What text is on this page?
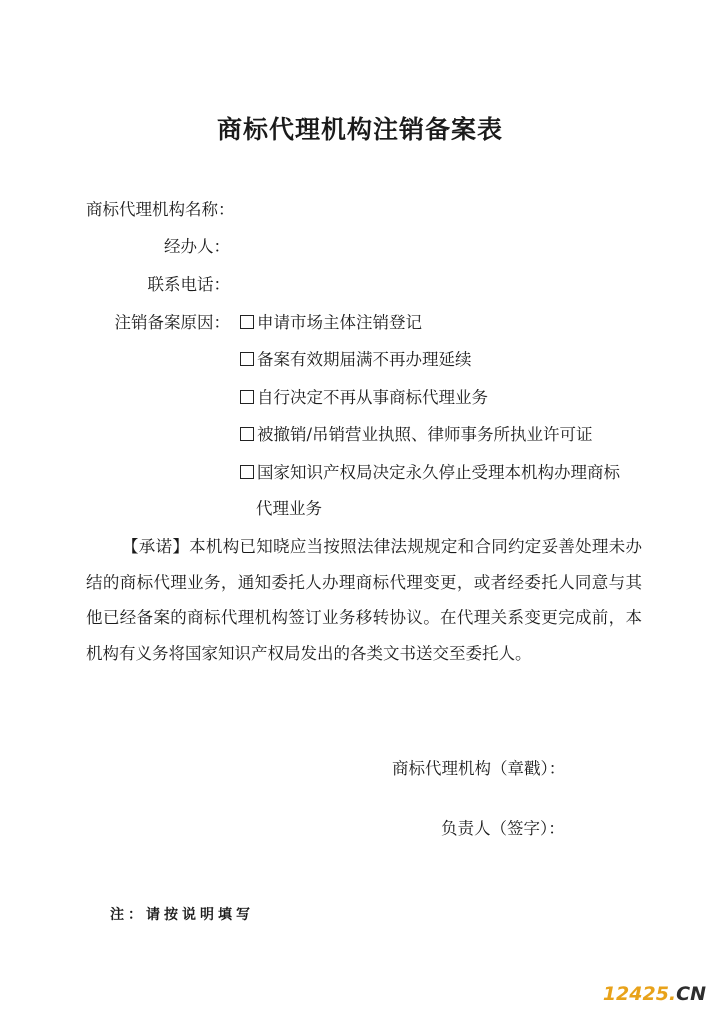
商标代理机构注销备案表
商标代理机构名称：
经办人：
联系电话：
注销备案原因：	申请市场主体注销登记
备案有效期届满不再办理延续
自行决定不再从事商标代理业务
被撤销/吊销营业执照、律师事务所执业许可证
国家知识产权局决定永久停止受理本机构办理商标
代理业务
【承诺】本机构已知晓应当按照法律法规规定和合同约定妥善处理未办结的商标代理业务，通知委托人办理商标代理变更，或者经委托人同意与其他已经备案的商标代理机构签订业务移转协议。在代理关系变更完成前，本机构有义务将国家知识产权局发出的各类文书送交至委托人。
商标代理机构（章戳）：
负责人（签字）：
注：请按说明填写
12425.CN
